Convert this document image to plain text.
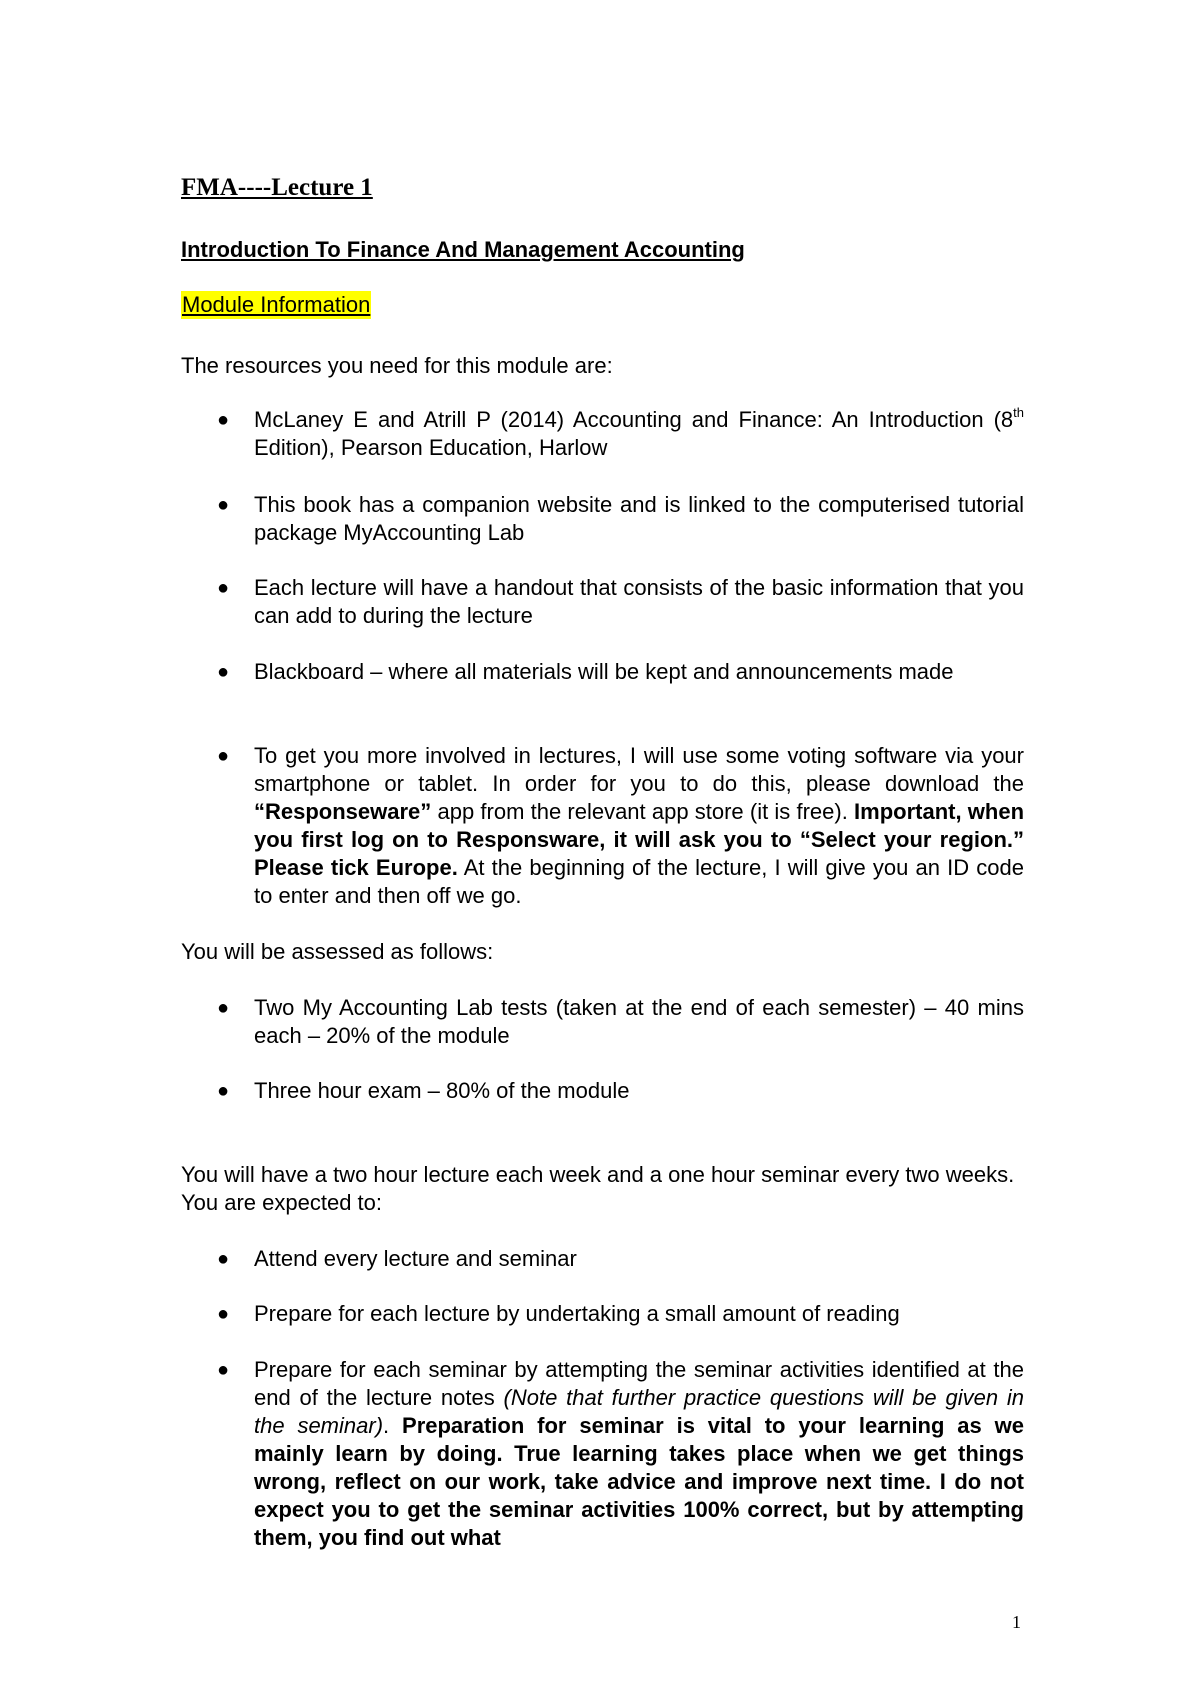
FMA----Lecture 1

Introduction To Finance And Management Accounting

Module Information

The resources you need for this module are:

● McLaney E and Atrill P (2014) Accounting and Finance: An Introduction (8th Edition), Pearson Education, Harlow

● This book has a companion website and is linked to the computerised tutorial package MyAccounting Lab

● Each lecture will have a handout that consists of the basic information that you can add to during the lecture

● Blackboard – where all materials will be kept and announcements made

● To get you more involved in lectures, I will use some voting software via your smartphone or tablet. In order for you to do this, please download the “Responseware” app from the relevant app store (it is free). Important, when you first log on to Responsware, it will ask you to “Select your region.” Please tick Europe. At the beginning of the lecture, I will give you an ID code to enter and then off we go.

You will be assessed as follows:

● Two My Accounting Lab tests (taken at the end of each semester) – 40 mins each – 20% of the module

● Three hour exam – 80% of the module

You will have a two hour lecture each week and a one hour seminar every two weeks. You are expected to:

● Attend every lecture and seminar

● Prepare for each lecture by undertaking a small amount of reading

● Prepare for each seminar by attempting the seminar activities identified at the end of the lecture notes (Note that further practice questions will be given in the seminar). Preparation for seminar is vital to your learning as we mainly learn by doing. True learning takes place when we get things wrong, reflect on our work, take advice and improve next time. I do not expect you to get the seminar activities 100% correct, but by attempting them, you find out what

1
